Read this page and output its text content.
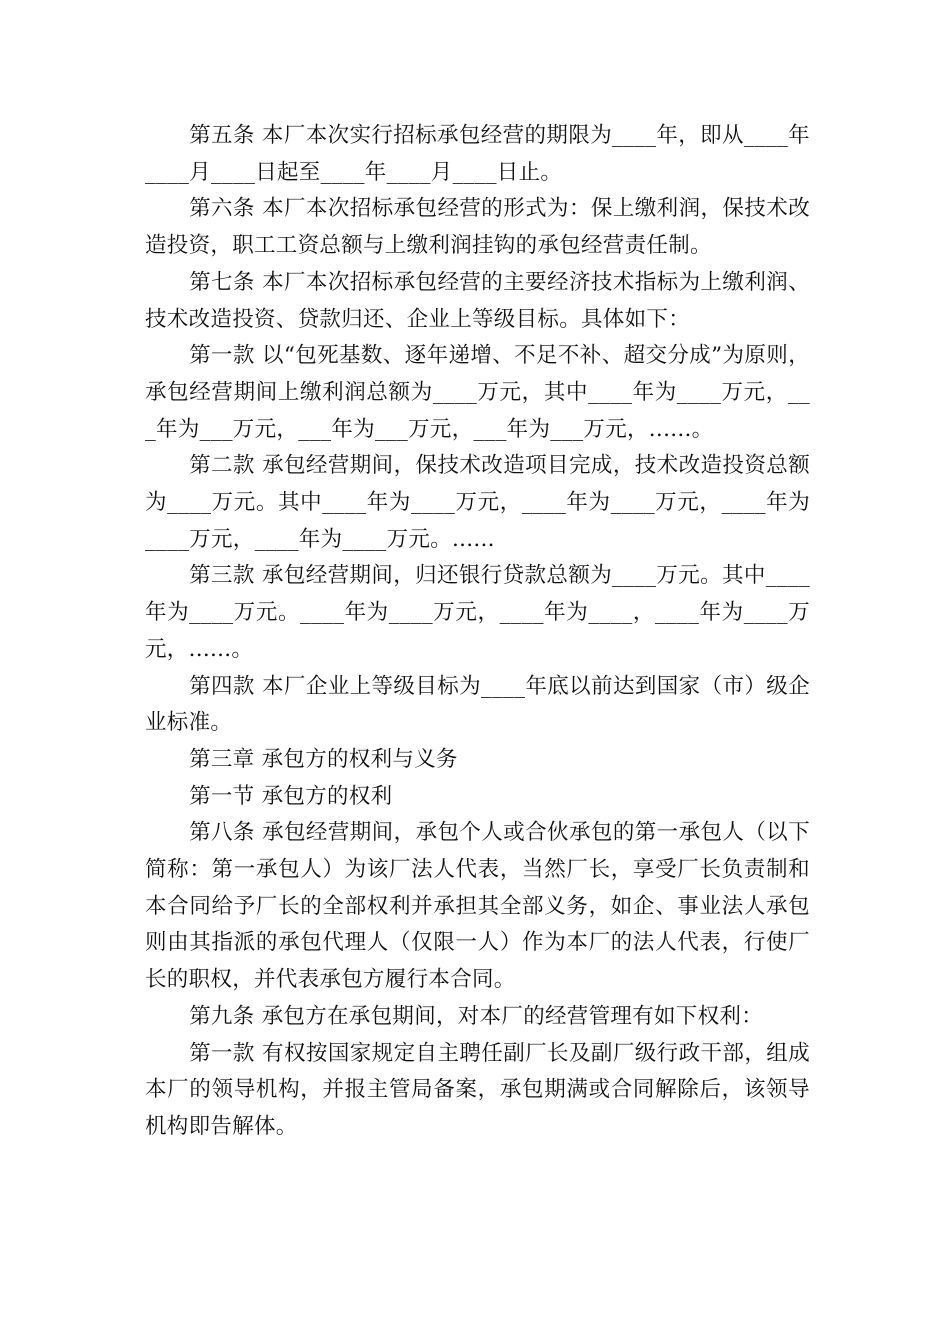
第五条 本厂本次实行招标承包经营的期限为____年，即从____年____月____日起至____年____月____日止。

第六条 本厂本次招标承包经营的形式为：保上缴利润，保技术改造投资，职工工资总额与上缴利润挂钩的承包经营责任制。

第七条 本厂本次招标承包经营的主要经济技术指标为上缴利润、技术改造投资、贷款归还、企业上等级目标。具体如下：

第一款 以“包死基数、逐年递增、不足不补、超交分成”为原则，承包经营期间上缴利润总额为____万元，其中____年为____万元，___年为___万元，___年为___万元，___年为___万元，......。

第二款 承包经营期间，保技术改造项目完成，技术改造投资总额为____万元。其中____年为____万元，____年为____万元，____年为____万元，____年为____万元。......

第三款 承包经营期间，归还银行贷款总额为____万元。其中____年为____万元。____年为____万元，____年为____，____年为____万元，......。

第四款 本厂企业上等级目标为____年底以前达到国家（市）级企业标准。

第三章 承包方的权利与义务

第一节 承包方的权利

第八条 承包经营期间，承包个人或合伙承包的第一承包人（以下简称：第一承包人）为该厂法人代表，当然厂长，享受厂长负责制和本合同给予厂长的全部权利并承担其全部义务，如企、事业法人承包则由其指派的承包代理人（仅限一人）作为本厂的法人代表，行使厂长的职权，并代表承包方履行本合同。

第九条 承包方在承包期间，对本厂的经营管理有如下权利：

第一款 有权按国家规定自主聘任副厂长及副厂级行政干部，组成本厂的领导机构，并报主管局备案，承包期满或合同解除后，该领导机构即告解体。
